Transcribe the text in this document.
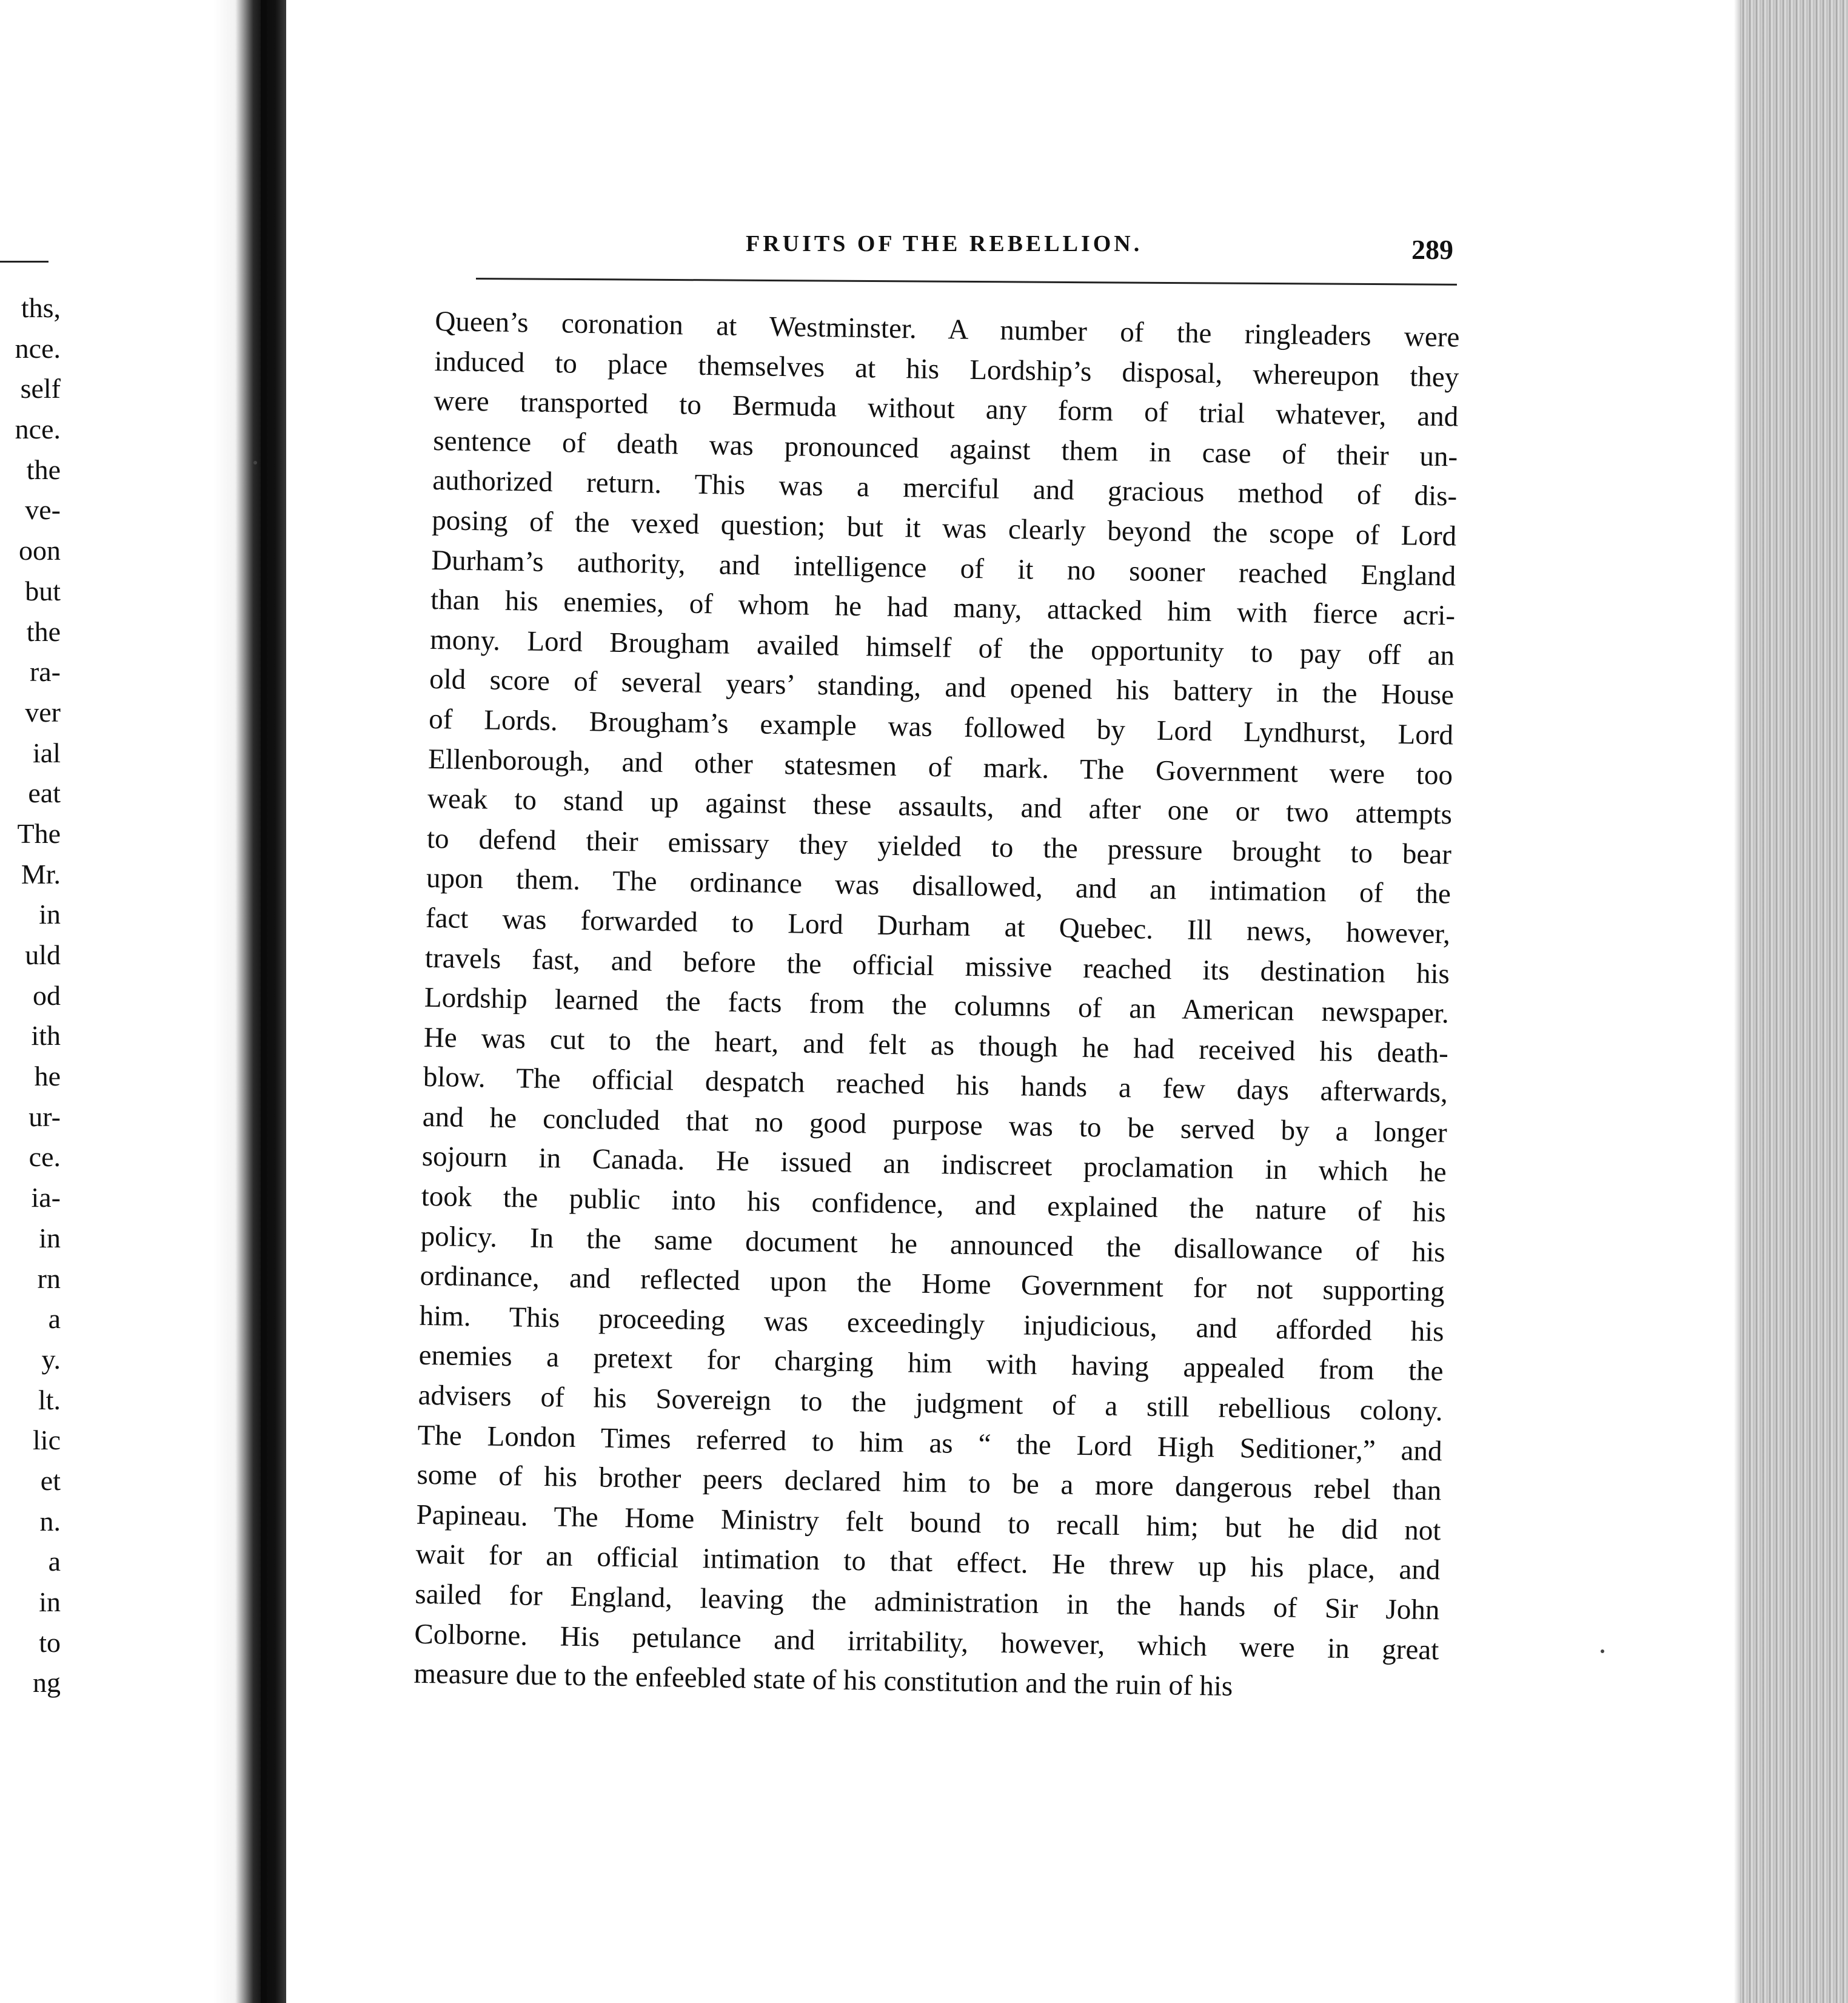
ths,
nce.
self
nce.
the
ve-
oon
but
the
ra-
ver
ial
eat
The
Mr.
in
uld
od
ith
he
ur-
ce.
ia-
in
rn
a
y.
lt.
lic
et
n.
a
in
to
ng
FRUITS OF THE REBELLION.	289
Queen’s coronation at Westminster. A number of the ringleaders were
induced to place themselves at his Lordship’s disposal, whereupon they
were transported to Bermuda without any form of trial whatever, and
sentence of death was pronounced against them in case of their un-
authorized return. This was a merciful and gracious method of dis-
posing of the vexed question; but it was clearly beyond the scope of Lord
Durham’s authority, and intelligence of it no sooner reached England
than his enemies, of whom he had many, attacked him with fierce acri-
mony. Lord Brougham availed himself of the opportunity to pay off an
old score of several years’ standing, and opened his battery in the House
of Lords. Brougham’s example was followed by Lord Lyndhurst, Lord
Ellenborough, and other statesmen of mark. The Government were too
weak to stand up against these assaults, and after one or two attempts
to defend their emissary they yielded to the pressure brought to bear
upon them. The ordinance was disallowed, and an intimation of the
fact was forwarded to Lord Durham at Quebec. Ill news, however,
travels fast, and before the official missive reached its destination his
Lordship learned the facts from the columns of an American newspaper.
He was cut to the heart, and felt as though he had received his death-
blow. The official despatch reached his hands a few days afterwards,
and he concluded that no good purpose was to be served by a longer
sojourn in Canada. He issued an indiscreet proclamation in which he
took the public into his confidence, and explained the nature of his
policy. In the same document he announced the disallowance of his
ordinance, and reflected upon the Home Government for not supporting
him. This proceeding was exceedingly injudicious, and afforded his
enemies a pretext for charging him with having appealed from the
advisers of his Sovereign to the judgment of a still rebellious colony.
The London Times referred to him as “ the Lord High Seditioner,” and
some of his brother peers declared him to be a more dangerous rebel than
Papineau. The Home Ministry felt bound to recall him; but he did not
wait for an official intimation to that effect. He threw up his place, and
sailed for England, leaving the administration in the hands of Sir John
Colborne. His petulance and irritability, however, which were in great
measure due to the enfeebled state of his constitution and the ruin of his
